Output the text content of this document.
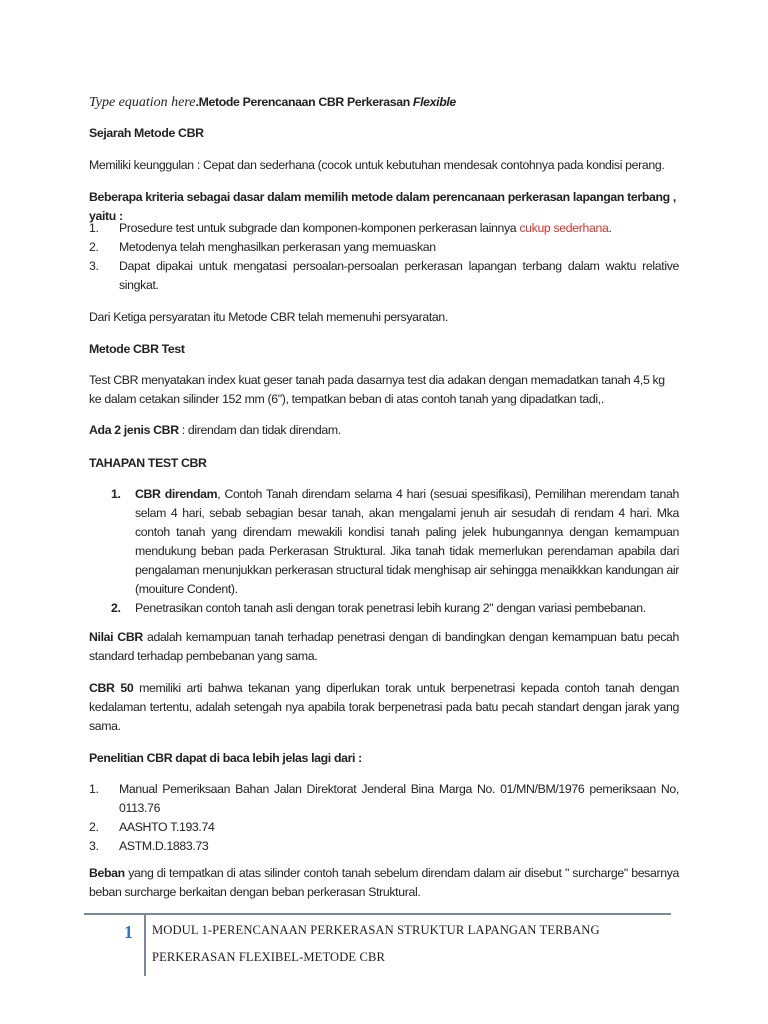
Type equation here.Metode Perencanaan CBR Perkerasan Flexible

Sejarah Metode CBR

Memiliki keunggulan : Cepat dan sederhana (cocok untuk kebutuhan mendesak contohnya pada kondisi perang.

Beberapa kriteria sebagai dasar dalam memilih metode dalam perencanaan perkerasan lapangan terbang , yaitu :

1. Prosedure test untuk subgrade dan komponen-komponen perkerasan lainnya cukup sederhana.
2. Metodenya telah menghasilkan perkerasan yang memuaskan
3. Dapat dipakai untuk mengatasi persoalan-persoalan perkerasan lapangan terbang dalam waktu relative singkat.

Dari Ketiga persyaratan itu Metode CBR telah memenuhi persyaratan.

Metode CBR Test

Test CBR menyatakan index kuat geser tanah pada dasarnya test dia adakan dengan memadatkan tanah 4,5 kg ke dalam cetakan silinder 152 mm (6"), tempatkan beban di atas contoh tanah yang dipadatkan tadi,.

Ada 2 jenis CBR : direndam dan tidak direndam.

TAHAPAN TEST CBR

1. CBR direndam, Contoh Tanah direndam selama 4 hari (sesuai spesifikasi), Pemilihan merendam tanah selam 4 hari, sebab sebagian besar tanah, akan mengalami jenuh air sesudah di rendam 4 hari. Mka contoh tanah yang direndam mewakili kondisi tanah paling jelek hubungannya dengan kemampuan mendukung beban pada Perkerasan Struktural. Jika tanah tidak memerlukan perendaman apabila dari pengalaman menunjukkan perkerasan structural tidak menghisap air sehingga menaikkkan kandungan air (mouiture Condent).
2. Penetrasikan contoh tanah asli dengan torak penetrasi lebih kurang 2" dengan variasi pembebanan.

Nilai CBR adalah kemampuan tanah terhadap penetrasi dengan di bandingkan dengan kemampuan batu pecah standard terhadap pembebanan yang sama.

CBR 50 memiliki arti bahwa tekanan yang diperlukan torak untuk berpenetrasi kepada contoh tanah dengan kedalaman tertentu, adalah setengah nya apabila torak berpenetrasi pada batu pecah standart dengan jarak yang sama.

Penelitian CBR dapat di baca lebih jelas lagi dari :

1. Manual Pemeriksaan Bahan Jalan Direktorat Jenderal Bina Marga No. 01/MN/BM/1976 pemeriksaan No, 0113.76
2. AASHTO T.193.74
3. ASTM.D.1883.73

Beban yang di tempatkan di atas silinder contoh tanah sebelum direndam dalam air disebut " surcharge" besarnya beban surcharge berkaitan dengan beban perkerasan Struktural.

1 MODUL 1-PERENCANAAN PERKERASAN STRUKTUR LAPANGAN TERBANG
PERKERASAN FLEXIBEL-METODE CBR
